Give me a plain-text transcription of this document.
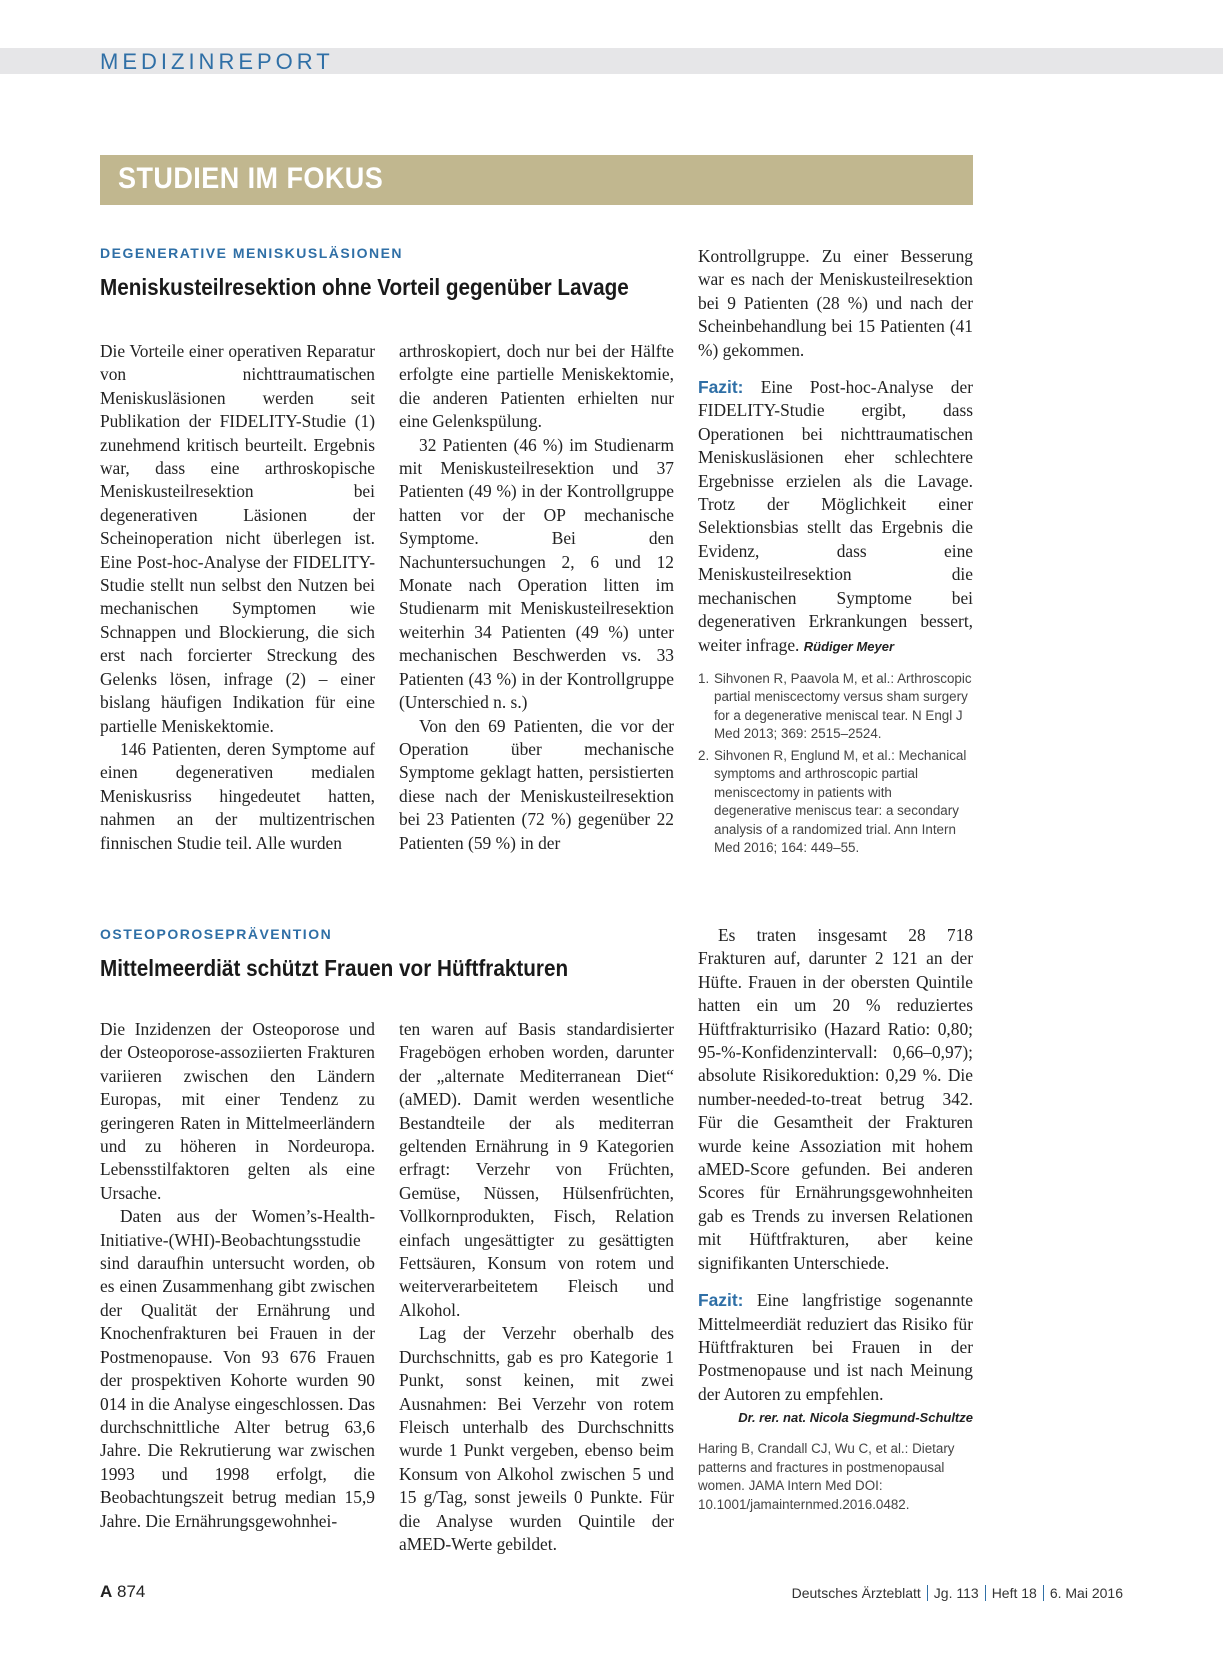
MEDIZINREPORT
STUDIEN IM FOKUS
DEGENERATIVE MENISKUSLÄSIONEN
Meniskusteilresektion ohne Vorteil gegenüber Lavage

Die Vorteile einer operativen Reparatur von nichttraumatischen Meniskusläsionen werden seit Publikation der FIDELITY-Studie (1) zunehmend kritisch beurteilt. Ergebnis war, dass eine arthroskopische Meniskusteilresektion bei degenerativen Läsionen der Scheinoperation nicht überlegen ist. Eine Post-hoc-Analyse der FIDELITY-Studie stellt nun selbst den Nutzen bei mechanischen Symptomen wie Schnappen und Blockierung, die sich erst nach forcierter Streckung des Gelenks lösen, infrage (2) – einer bislang häufigen Indikation für eine partielle Meniskektomie.

146 Patienten, deren Symptome auf einen degenerativen medialen Meniskusriss hingedeutet hatten, nahmen an der multizentrischen finnischen Studie teil. Alle wurden

arthroskopiert, doch nur bei der Hälfte erfolgte eine partielle Meniskektomie, die anderen Patienten erhielten nur eine Gelenkspülung.

32 Patienten (46 %) im Studienarm mit Meniskusteilresektion und 37 Patienten (49 %) in der Kontrollgruppe hatten vor der OP mechanische Symptome. Bei den Nachuntersuchungen 2, 6 und 12 Monate nach Operation litten im Studienarm mit Meniskusteilresektion weiterhin 34 Patienten (49 %) unter mechanischen Beschwerden vs. 33 Patienten (43 %) in der Kontrollgruppe (Unterschied n. s.)

Von den 69 Patienten, die vor der Operation über mechanische Symptome geklagt hatten, persistierten diese nach der Meniskusteilresektion bei 23 Patienten (72 %) gegenüber 22 Patienten (59 %) in der

Kontrollgruppe. Zu einer Besserung war es nach der Meniskusteilresektion bei 9 Patienten (28 %) und nach der Scheinbehandlung bei 15 Patienten (41 %) gekommen.

Fazit: Eine Post-hoc-Analyse der FIDELITY-Studie ergibt, dass Operationen bei nichttraumatischen Meniskusläsionen eher schlechtere Ergebnisse erzielen als die Lavage. Trotz der Möglichkeit einer Selektionsbias stellt das Ergebnis die Evidenz, dass eine Meniskusteilresektion die mechanischen Symptome bei degenerativen Erkrankungen bessert, weiter infrage. Rüdiger Meyer

1. Sihvonen R, Paavola M, et al.: Arthroscopic partial meniscectomy versus sham surgery for a degenerative meniscal tear. N Engl J Med 2013; 369: 2515–2524.
2. Sihvonen R, Englund M, et al.: Mechanical symptoms and arthroscopic partial meniscectomy in patients with degenerative meniscus tear: a secondary analysis of a randomized trial. Ann Intern Med 2016; 164: 449–55.
OSTEOPOROSEPRÄVENTION
Mittelmeerdiät schützt Frauen vor Hüftfrakturen

Die Inzidenzen der Osteoporose und der Osteoporose-assoziierten Frakturen variieren zwischen den Ländern Europas, mit einer Tendenz zu geringeren Raten in Mittelmeerländern und zu höheren in Nordeuropa. Lebensstilfaktoren gelten als eine Ursache.

Daten aus der Women’s-Health-Initiative-(WHI)-Beobachtungsstudie sind daraufhin untersucht worden, ob es einen Zusammenhang gibt zwischen der Qualität der Ernährung und Knochenfrakturen bei Frauen in der Postmenopause. Von 93 676 Frauen der prospektiven Kohorte wurden 90 014 in die Analyse eingeschlossen. Das durchschnittliche Alter betrug 63,6 Jahre. Die Rekrutierung war zwischen 1993 und 1998 erfolgt, die Beobachtungszeit betrug median 15,9 Jahre. Die Ernährungsgewohnhei-

ten waren auf Basis standardisierter Fragebögen erhoben worden, darunter der „alternate Mediterranean Diet“ (aMED). Damit werden wesentliche Bestandteile der als mediterran geltenden Ernährung in 9 Kategorien erfragt: Verzehr von Früchten, Gemüse, Nüssen, Hülsenfrüchten, Vollkornprodukten, Fisch, Relation einfach ungesättigter zu gesättigten Fettsäuren, Konsum von rotem und weiterverarbeitetem Fleisch und Alkohol.

Lag der Verzehr oberhalb des Durchschnitts, gab es pro Kategorie 1 Punkt, sonst keinen, mit zwei Ausnahmen: Bei Verzehr von rotem Fleisch unterhalb des Durchschnitts wurde 1 Punkt vergeben, ebenso beim Konsum von Alkohol zwischen 5 und 15 g/Tag, sonst jeweils 0 Punkte. Für die Analyse wurden Quintile der aMED-Werte gebildet.

Es traten insgesamt 28 718 Frakturen auf, darunter 2 121 an der Hüfte. Frauen in der obersten Quintile hatten ein um 20 % reduziertes Hüftfrakturrisiko (Hazard Ratio: 0,80; 95-%-Konfidenzintervall: 0,66–0,97); absolute Risikoreduktion: 0,29 %. Die number-needed-to-treat betrug 342. Für die Gesamtheit der Frakturen wurde keine Assoziation mit hohem aMED-Score gefunden. Bei anderen Scores für Ernährungsgewohnheiten gab es Trends zu inversen Relationen mit Hüftfrakturen, aber keine signifikanten Unterschiede.

Fazit: Eine langfristige sogenannte Mittelmeerdiät reduziert das Risiko für Hüftfrakturen bei Frauen in der Postmenopause und ist nach Meinung der Autoren zu empfehlen.

Dr. rer. nat. Nicola Siegmund-Schultze
Haring B, Crandall CJ, Wu C, et al.: Dietary patterns and fractures in postmenopausal women. JAMA Intern Med DOI: 10.1001/jamainternmed.2016.0482.
A 874	Deutsches Ärzteblatt Jg. 113 Heft 18 6. Mai 2016
